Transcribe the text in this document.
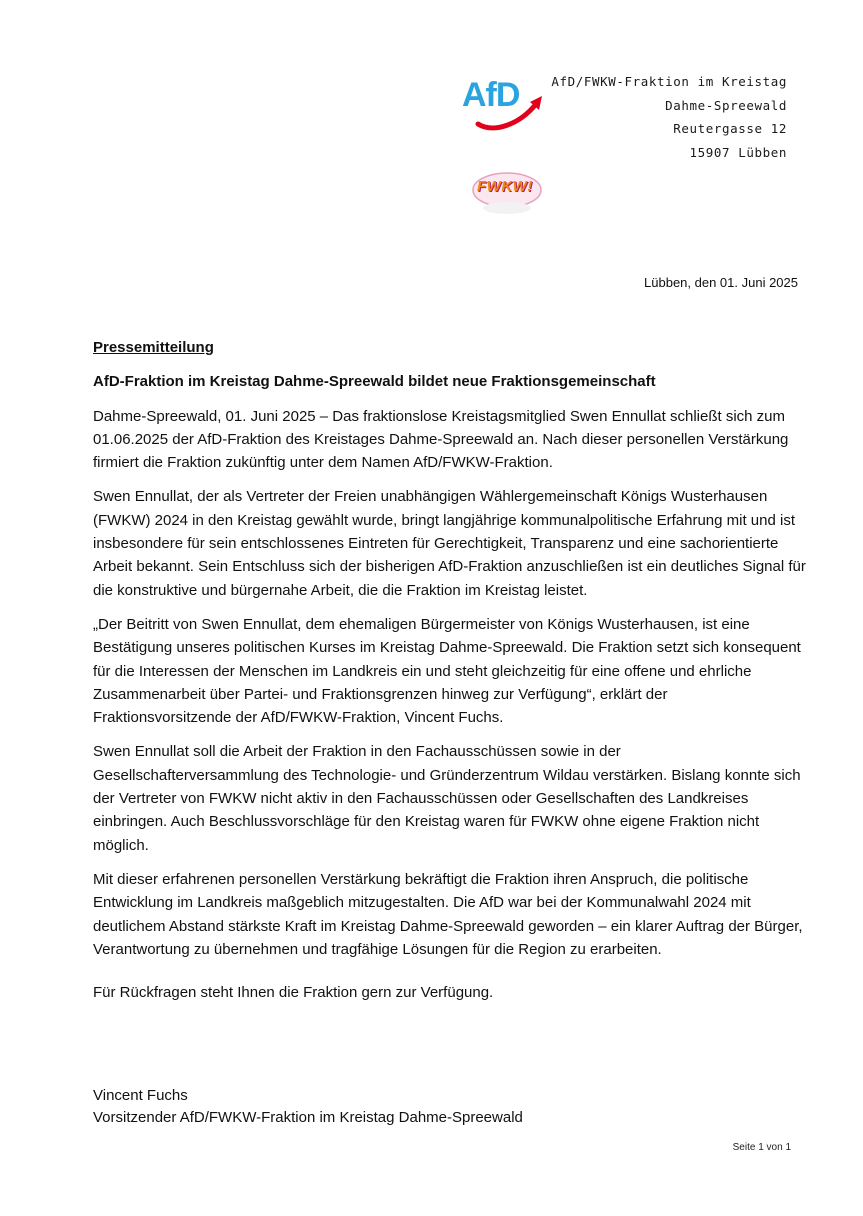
AfD
FWKW!
AfD/FWKW-Fraktion im Kreistag
Dahme-Spreewald
Reutergasse 12
15907 Lübben
Lübben, den 01. Juni 2025
Pressemitteilung
AfD-Fraktion im Kreistag Dahme-Spreewald bildet neue Fraktionsgemeinschaft

Dahme-Spreewald, 01. Juni 2025 – Das fraktionslose Kreistagsmitglied Swen Ennullat schließt sich zum 01.06.2025 der AfD-Fraktion des Kreistages Dahme-Spreewald an. Nach dieser personellen Verstärkung firmiert die Fraktion zukünftig unter dem Namen AfD/FWKW-Fraktion.

Swen Ennullat, der als Vertreter der Freien unabhängigen Wählergemeinschaft Königs Wusterhausen (FWKW) 2024 in den Kreistag gewählt wurde, bringt langjährige kommunalpolitische Erfahrung mit und ist insbesondere für sein entschlossenes Eintreten für Gerechtigkeit, Transparenz und eine sachorientierte Arbeit bekannt. Sein Entschluss sich der bisherigen AfD-Fraktion anzuschließen ist ein deutliches Signal für die konstruktive und bürgernahe Arbeit, die die Fraktion im Kreistag leistet.

„Der Beitritt von Swen Ennullat, dem ehemaligen Bürgermeister von Königs Wusterhausen, ist eine Bestätigung unseres politischen Kurses im Kreistag Dahme-Spreewald. Die Fraktion setzt sich konsequent für die Interessen der Menschen im Landkreis ein und steht gleichzeitig für eine offene und ehrliche Zusammenarbeit über Partei- und Fraktionsgrenzen hinweg zur Verfügung“, erklärt der Fraktionsvorsitzende der AfD/FWKW-Fraktion, Vincent Fuchs.

Swen Ennullat soll die Arbeit der Fraktion in den Fachausschüssen sowie in der Gesellschafterversammlung des Technologie- und Gründerzentrum Wildau verstärken. Bislang konnte sich der Vertreter von FWKW nicht aktiv in den Fachausschüssen oder Gesellschaften des Landkreises einbringen. Auch Beschlussvorschläge für den Kreistag waren für FWKW ohne eigene Fraktion nicht möglich.

Mit dieser erfahrenen personellen Verstärkung bekräftigt die Fraktion ihren Anspruch, die politische Entwicklung im Landkreis maßgeblich mitzugestalten. Die AfD war bei der Kommunalwahl 2024 mit deutlichem Abstand stärkste Kraft im Kreistag Dahme-Spreewald geworden – ein klarer Auftrag der Bürger, Verantwortung zu übernehmen und tragfähige Lösungen für die Region zu erarbeiten.

Für Rückfragen steht Ihnen die Fraktion gern zur Verfügung.

Vincent Fuchs
Vorsitzender AfD/FWKW-Fraktion im Kreistag Dahme-Spreewald
Seite 1 von 1
